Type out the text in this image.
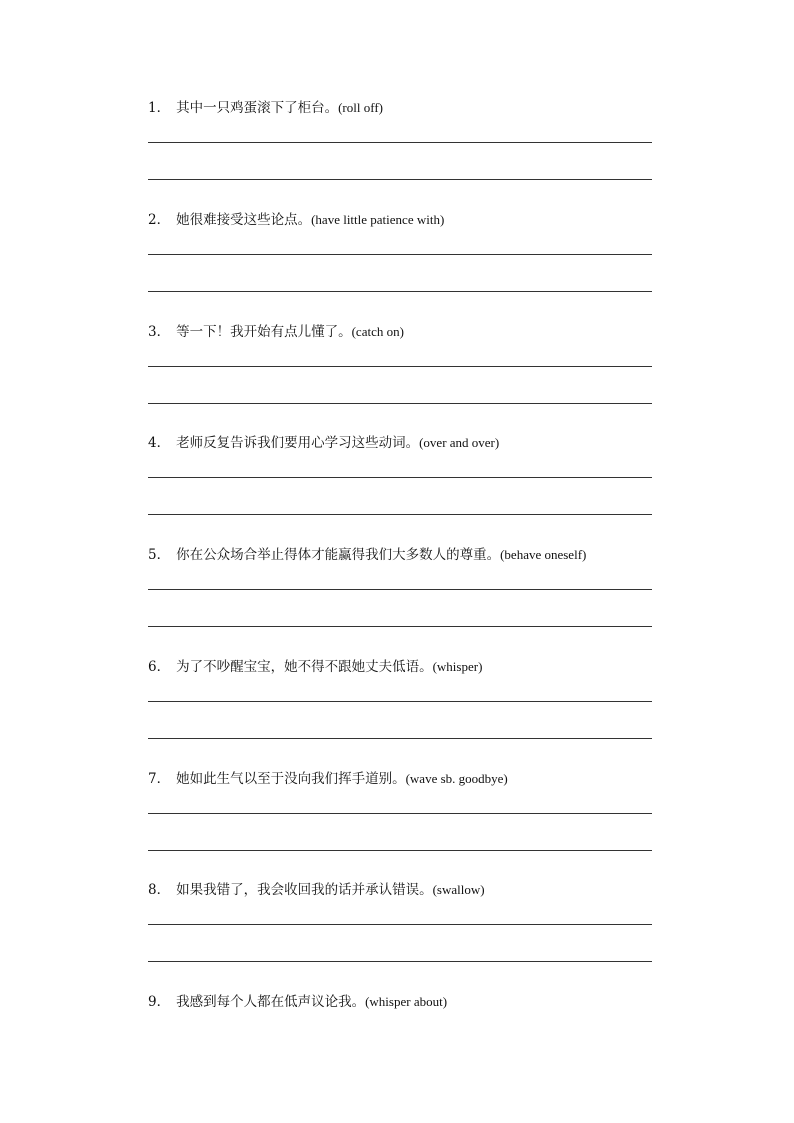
1． 其中一只鸡蛋滚下了柜台。(roll off)
2． 她很难接受这些论点。(have little patience with)
3． 等一下！我开始有点儿懂了。(catch on)
4． 老师反复告诉我们要用心学习这些动词。(over and over)
5． 你在公众场合举止得体才能赢得我们大多数人的尊重。(behave oneself)
6． 为了不吵醒宝宝，她不得不跟她丈夫低语。(whisper)
7． 她如此生气以至于没向我们挥手道别。(wave sb. goodbye)
8． 如果我错了，我会收回我的话并承认错误。(swallow)
9． 我感到每个人都在低声议论我。(whisper about)
